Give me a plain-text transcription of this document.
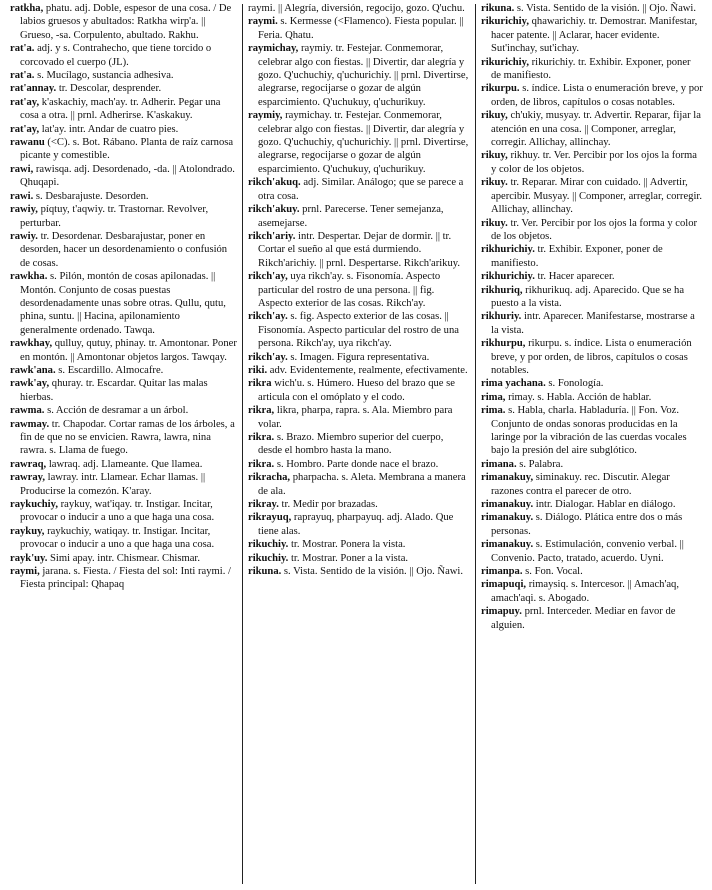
ratkha, phatu. adj. Doble, espesor de una cosa. / De labios gruesos y abultados: Ratkha wirp'a. || Grueso, -sa. Corpulento, abultado. Rakhu.

rat'a. adj. y s. Contrahecho, que tiene torcido o corcovado el cuerpo (JL).

rat'a. s. Mucílago, sustancia adhesiva.

rat'annay. tr. Descolar, desprender.

rat'ay, k'askachiy, mach'ay. tr. Adherir. Pegar una cosa a otra. || prnl. Adherirse. K'askakuy.

rat'ay, lat'ay. intr. Andar de cuatro pies.

rawanu (<C). s. Bot. Rábano. Planta de raíz carnosa picante y comestible.

rawi, rawisqa. adj. Desordenado, -da. || Atolondrado. Qhuqapi.

rawi. s. Desbarajuste. Desorden.

rawiy, píqtuy, t'aqwiy. tr. Trastornar. Revolver, perturbar.

rawiy. tr. Desordenar. Desbarajustar, poner en desorden, hacer un desordenamiento o confusión de cosas.

rawkha. s. Pilón, montón de cosas apilonadas. || Montón. Conjunto de cosas puestas desordenadamente unas sobre otras. Qullu, qutu, phina, suntu. || Hacina, apilonamiento generalmente ordenado. Tawqa.

rawkhay, qulluy, qutuy, phinay. tr. Amontonar. Poner en montón. || Amontonar objetos largos. Tawqay.

rawk'ana. s. Escardillo. Almocafre.

rawk'ay, qhuray. tr. Escardar. Quitar las malas hierbas.

rawma. s. Acción de desramar a un árbol.

rawmay. tr. Chapodar. Cortar ramas de los árboles, a fin de que no se envicien. Rawra, lawra, nina rawra. s. Llama de fuego.

rawraq, lawraq. adj. Llameante. Que llamea.

rawray, lawray. intr. Llamear. Echar llamas. || Producirse la comezón. K'aray.

raykuchiy, raykuy, wat'iqay. tr. Instigar. Incitar, provocar o inducir a uno a que haga una cosa.

raykuy, raykuchiy, watiqay. tr. Instigar. Incitar, provocar o inducir a uno a que haga una cosa.

rayk'uy. Simi apay. intr. Chismear. Chismar.

raymi, jarana. s. Fiesta. / Fiesta del sol: Inti raymi. / Fiesta principal: Qhapaq

raymi. || Alegría, diversión, regocijo, gozo. Q'uchu.

raymi. s. Kermesse (<Flamenco). Fiesta popular. || Feria. Qhatu.

raymichay, raymiy. tr. Festejar. Conmemorar, celebrar algo con fiestas. || Divertir, dar alegría y gozo. Q'uchuchiy, q'uchurichiy. || prnl. Divertirse, alegrarse, regocijarse o gozar de algún esparcimiento. Q'uchukuy, q'uchurikuy.

raymiy, raymichay. tr. Festejar. Conmemorar, celebrar algo con fiestas. || Divertir, dar alegría y gozo. Q'uchuchiy, q'uchurichiy. || prnl. Divertirse, alegrarse, regocijarse o gozar de algún esparcimiento. Q'uchukuy, q'uchurikuy.

rikch'akuq. adj. Similar. Análogo; que se parece a otra cosa.

rikch'akuy. prnl. Parecerse. Tener semejanza, asemejarse.

rikch'ariy. intr. Despertar. Dejar de dormir. || tr. Cortar el sueño al que está durmiendo. Rikch'arichiy. || prnl. Despertarse. Rikch'arikuy.

rikch'ay, uya rikch'ay. s. Fisonomía. Aspecto particular del rostro de una persona. || fig. Aspecto exterior de las cosas. Rikch'ay.

rikch'ay. s. fig. Aspecto exterior de las cosas. || Fisonomía. Aspecto particular del rostro de una persona. Rikch'ay, uya rikch'ay.

rikch'ay. s. Imagen. Figura representativa.

riki. adv. Evidentemente, realmente, efectivamente.

rikra wich'u. s. Húmero. Hueso del brazo que se articula con el omóplato y el codo.

rikra, likra, pharpa, rapra. s. Ala. Miembro para volar.

rikra. s. Brazo. Miembro superior del cuerpo, desde el hombro hasta la mano.

rikra. s. Hombro. Parte donde nace el brazo.

rikracha, pharpacha. s. Aleta. Membrana a manera de ala.

rikray. tr. Medir por brazadas.

rikrayuq, raprayuq, pharpayuq. adj. Alado. Que tiene alas.

rikuchiy. tr. Mostrar. Ponera la vista.

rikuchiy. tr. Mostrar. Poner a la vista.

rikuna. s. Vista. Sentido de la visión. || Ojo. Ñawi.

rikuna. s. Vista. Sentido de la visión. || Ojo. Ñawi.

rikurichiy, qhawarichiy. tr. Demostrar. Manifestar, hacer patente. || Aclarar, hacer evidente. Sut'inchay, sut'ichay.

rikurichiy, rikurichiy. tr. Exhibir. Exponer, poner de manifiesto.

rikurpu. s. índice. Lista o enumeración breve, y por orden, de libros, capítulos o cosas notables.

rikuy, ch'ukiy, musyay. tr. Advertir. Reparar, fijar la atención en una cosa. || Componer, arreglar, corregir. Allichay, allinchay.

rikuy, rikhuy. tr. Ver. Percibir por los ojos la forma y color de los objetos.

rikuy. tr. Reparar. Mirar con cuidado. || Advertir, apercibir. Musyay. || Componer, arreglar, corregir. Allichay, allinchay.

rikuy. tr. Ver. Percibir por los ojos la forma y color de los objetos.

rikhurichiy. tr. Exhibir. Exponer, poner de manifiesto.

rikhurichiy. tr. Hacer aparecer.

rikhuriq, rikhurikuq. adj. Aparecido. Que se ha puesto a la vista.

rikhuriy. intr. Aparecer. Manifestarse, mostrarse a la vista.

rikhurpu, rikurpu. s. índice. Lista o enumeración breve, y por orden, de libros, capítulos o cosas notables.

rima yachana. s. Fonología.

rima, rimay. s. Habla. Acción de hablar.

rima. s. Habla, charla. Habladuría. || Fon. Voz. Conjunto de ondas sonoras producidas en la laringe por la vibración de las cuerdas vocales bajo la presión del aire subglótico.

rimana. s. Palabra.

rimanakuy, siminakuy. rec. Discutir. Alegar razones contra el parecer de otro.

rimanakuy. intr. Dialogar. Hablar en diálogo.

rimanakuy. s. Diálogo. Plática entre dos o más personas.

rimanakuy. s. Estimulación, convenio verbal. || Convenio. Pacto, tratado, acuerdo. Uyni.

rimanpa. s. Fon. Vocal.

rimapuqi, rimaysiq. s. Intercesor. || Amach'aq, amach'aqi. s. Abogado.

rimapuy. prnl. Interceder. Mediar en favor de alguien.
